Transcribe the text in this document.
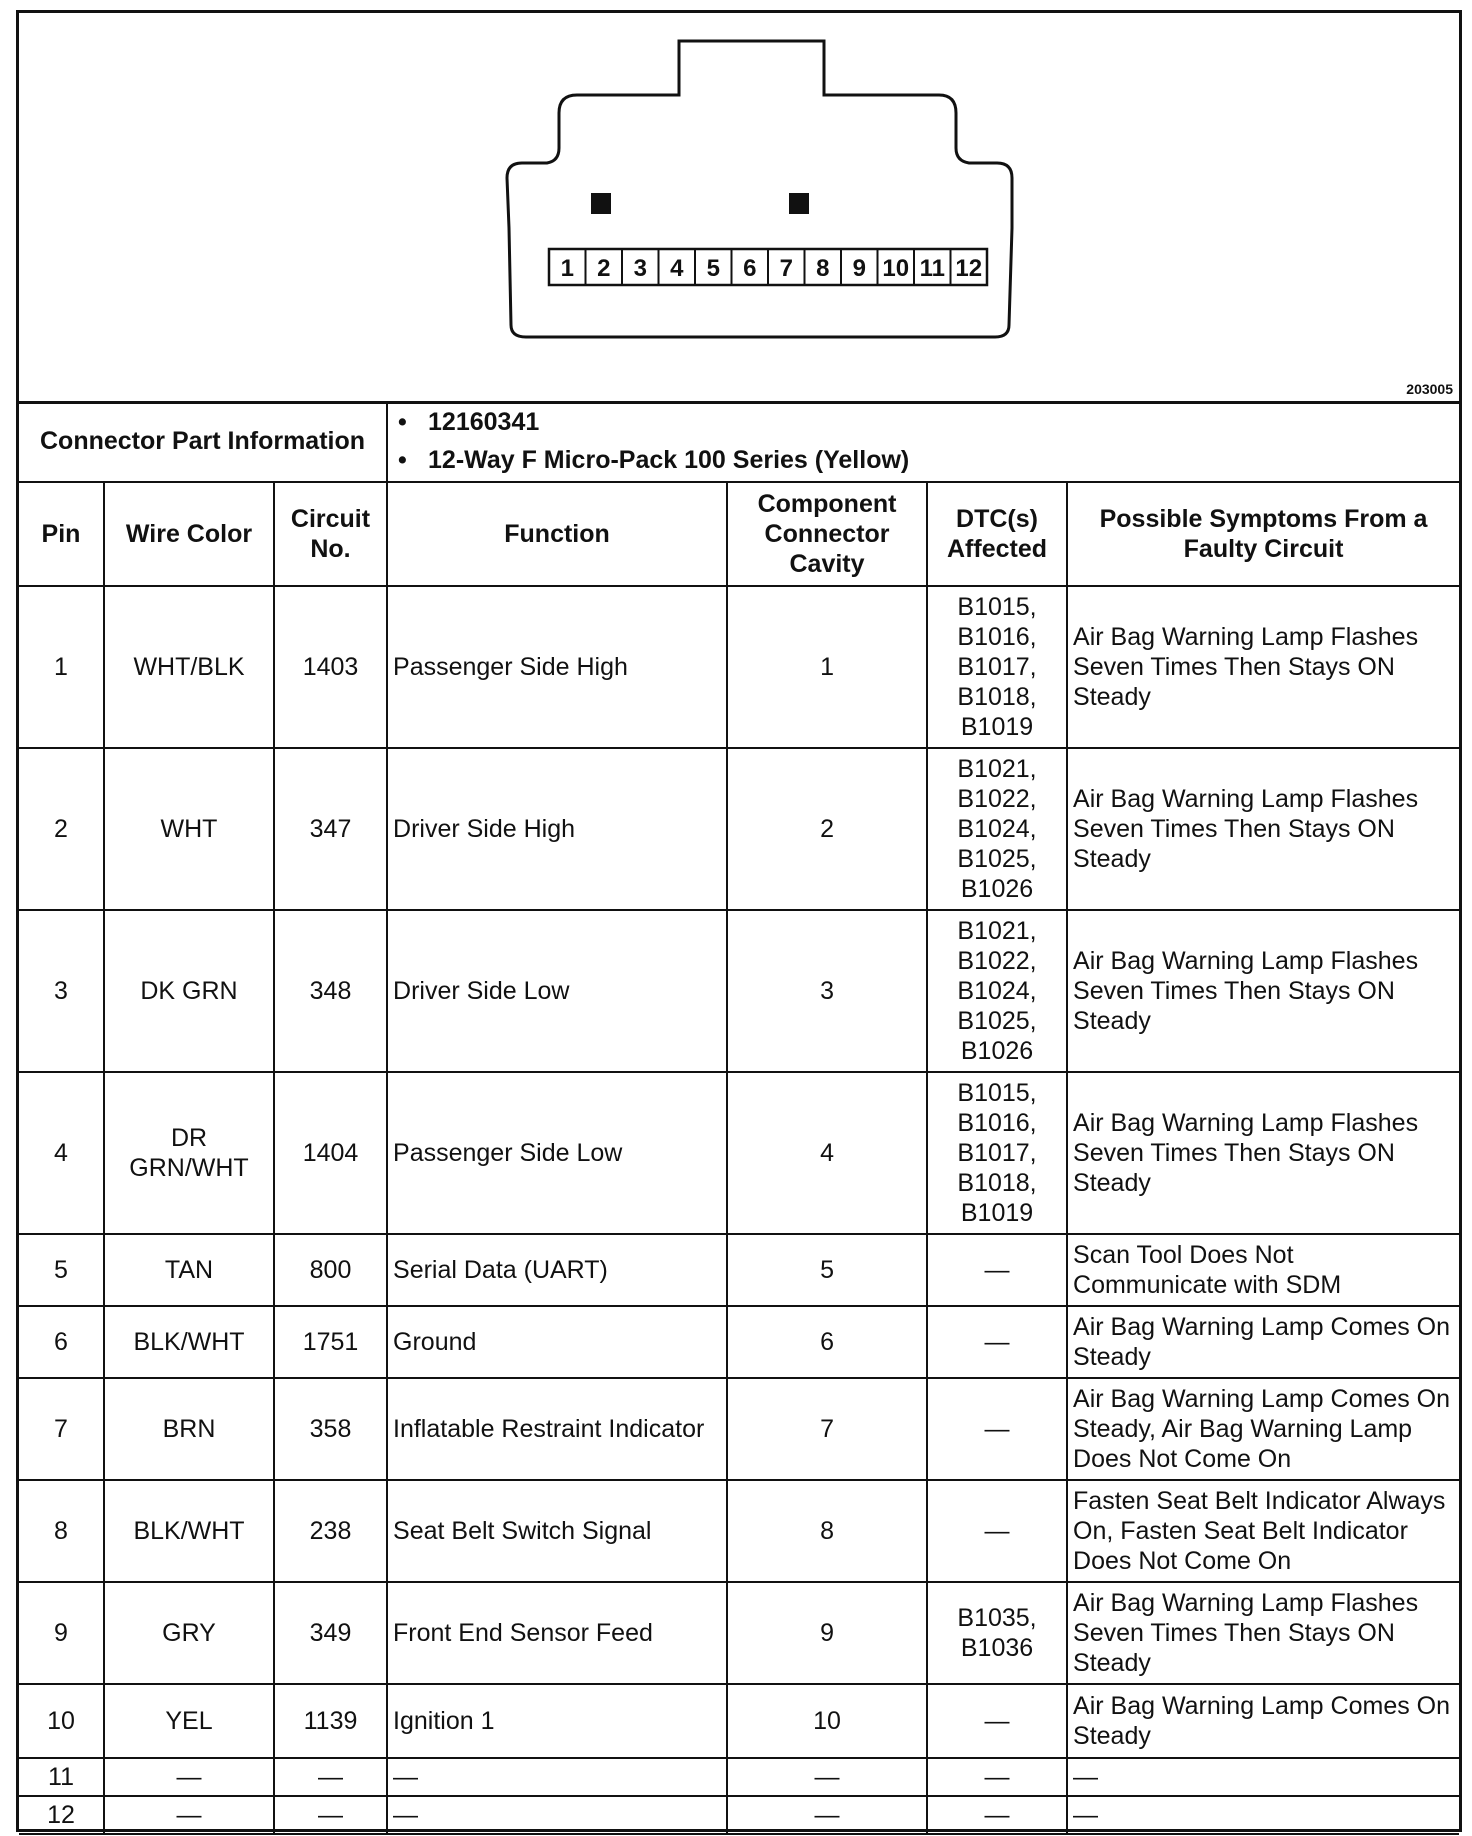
1 2 3 4 5 6 7 8 9 10 11 12
203005
Connector Part Information			• 12160341
• 12-Way F Micro-Pack 100 Series (Yellow)

Pin	Wire Color	Circuit No.	Function	Component Connector Cavity	DTC(s) Affected	Possible Symptoms From a Faulty Circuit
1	WHT/BLK	1403	Passenger Side High	1	B1015, B1016, B1017, B1018, B1019	Air Bag Warning Lamp Flashes Seven Times Then Stays ON Steady
2	WHT	347	Driver Side High	2	B1021, B1022, B1024, B1025, B1026	Air Bag Warning Lamp Flashes Seven Times Then Stays ON Steady
3	DK GRN	348	Driver Side Low	3	B1021, B1022, B1024, B1025, B1026	Air Bag Warning Lamp Flashes Seven Times Then Stays ON Steady
4	DR GRN/WHT	1404	Passenger Side Low	4	B1015, B1016, B1017, B1018, B1019	Air Bag Warning Lamp Flashes Seven Times Then Stays ON Steady
5	TAN	800	Serial Data (UART)	5	—	Scan Tool Does Not Communicate with SDM
6	BLK/WHT	1751	Ground	6	—	Air Bag Warning Lamp Comes On Steady
7	BRN	358	Inflatable Restraint Indicator	7	—	Air Bag Warning Lamp Comes On Steady, Air Bag Warning Lamp Does Not Come On
8	BLK/WHT	238	Seat Belt Switch Signal	8	—	Fasten Seat Belt Indicator Always On, Fasten Seat Belt Indicator Does Not Come On
9	GRY	349	Front End Sensor Feed	9	B1035, B1036	Air Bag Warning Lamp Flashes Seven Times Then Stays ON Steady
10	YEL	1139	Ignition 1	10	—	Air Bag Warning Lamp Comes On Steady
11	—	—	—	—	—	—
12	—	—	—	—	—	—
